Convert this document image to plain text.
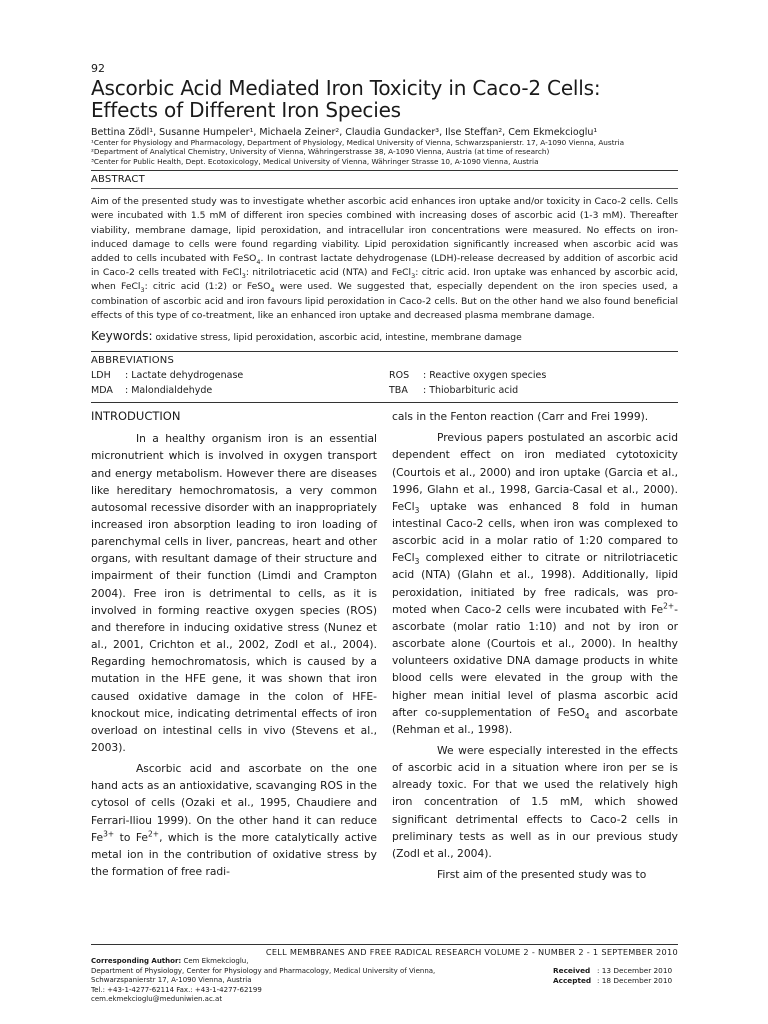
92
Ascorbic Acid Mediated Iron Toxicity in Caco-2 Cells:
Effects of Different Iron Species
Bettina Zödl¹, Susanne Humpeler¹, Michaela Zeiner², Claudia Gundacker³, Ilse Steffan², Cem Ekmekcioglu¹
¹Center for Physiology and Pharmacology, Department of Physiology, Medical University of Vienna, Schwarzspanierstr. 17, A-1090 Vienna, Austria
²Department of Analytical Chemistry, University of Vienna, Währingerstrasse 38, A-1090 Vienna, Austria (at time of research)
³Center for Public Health, Dept. Ecotoxicology, Medical University of Vienna, Währinger Strasse 10, A-1090 Vienna, Austria
ABSTRACT
Aim of the presented study was to investigate whether ascorbic acid enhances iron uptake and/or toxicity in Caco-2 cells. Cells were incubated with 1.5 mM of different iron species combined with increasing doses of ascorbic acid (1-3 mM). Thereafter viability, membrane damage, lipid peroxidation, and intracellular iron concentrations were measured. No effects on iron-induced damage to cells were found regarding viability. Lipid peroxidation significantly increased when ascorbic acid was added to cells incubated with FeSO$_4$. In contrast lactate dehydrogenase (LDH)-release decreased by addition of ascorbic acid in Caco-2 cells treated with FeCl$_3$: nitrilotriacetic acid (NTA) and FeCl$_3$: citric acid. Iron uptake was enhanced by ascorbic acid, when FeCl$_3$: citric acid (1:2) or FeSO$_4$ were used. We suggested that, especially dependent on the iron species used, a combination of ascorbic acid and iron favours lipid peroxidation in Caco-2 cells. But on the other hand we also found beneficial effects of this type of co-treatment, like an enhanced iron uptake and decreased plasma membrane damage.
Keywords: oxidative stress, lipid peroxidation, ascorbic acid, intestine, membrane damage
ABBREVIATIONS
LDH	: Lactate dehydrogenase	ROS	: Reactive oxygen species
MDA	: Malondialdehyde	TBA	: Thiobarbituric acid
INTRODUCTION

In a healthy organism iron is an essential micronutrient which is involved in oxygen transport and energy metabolism. However there are diseases like hereditary hemochromatosis, a very common autosomal recessive disorder with an inappropriately increased iron absorption leading to iron loading of parenchymal cells in liver, pancreas, heart and other organs, with resultant damage of their structure and impairment of their function (Limdi and Crampton 2004). Free iron is detrimental to cells, as it is involved in forming reactive oxygen species (ROS) and therefore in inducing oxidative stress (Nunez et al., 2001, Crichton et al., 2002, Zodl et al., 2004). Regarding hemochromatosis, which is caused by a mutation in the HFE gene, it was shown that iron caused oxidative damage in the colon of HFE-knockout mice, indicating detrimental effects of iron overload on intestinal cells in vivo (Stevens et al., 2003).

Ascorbic acid and ascorbate on the one hand acts as an antioxidative, scavanging ROS in the cytosol of cells (Ozaki et al., 1995, Chaudiere and Ferrari-Iliou 1999). On the other hand it can reduce $Fe^{3+}$ to $Fe^{2+}$, which is the more catalytically active metal ion in the contribution of oxidative stress by the formation of free radi-

cals in the Fenton reaction (Carr and Frei 1999).

Previous papers postulated an ascorbic acid dependent effect on iron mediated cytotoxicity (Courtois et al., 2000) and iron uptake (Garcia et al., 1996, Glahn et al., 1998, Garcia-Casal et al., 2000). FeCl$_3$ uptake was enhanced 8 fold in human intestinal Caco-2 cells, when iron was complexed to ascorbic acid in a molar ratio of 1:20 compared to FeCl$_3$ complexed either to citrate or nitrilotriacetic acid (NTA) (Glahn et al., 1998). Additionally, lipid peroxidation, initiated by free radicals, was promoted when Caco-2 cells were incubated with $Fe^{2+}$-ascorbate (molar ratio 1:10) and not by iron or ascorbate alone (Courtois et al., 2000). In healthy volunteers oxidative DNA damage products in white blood cells were elevated in the group with the higher mean initial level of plasma ascorbic acid after co-supplementation of FeSO$_4$ and ascorbate (Rehman et al., 1998).

We were especially interested in the effects of ascorbic acid in a situation where iron per se is already toxic. For that we used the relatively high iron concentration of 1.5 mM, which showed significant detrimental effects to Caco-2 cells in preliminary tests as well as in our previous study (Zodl et al., 2004).

First aim of the presented study was to

CELL MEMBRANES AND FREE RADICAL RESEARCH VOLUME 2 - NUMBER 2 - 1 SEPTEMBER 2010
Corresponding Author: Cem Ekmekcioglu,
Department of Physiology, Center for Physiology and Pharmacology, Medical University of Vienna,
Schwarzspanierstr 17, A-1090 Vienna, Austria
Tel.: +43-1-4277-62114 Fax.: +43-1-4277-62199
cem.ekmekcioglu@meduniwien.ac.at
Received : 13 December 2010
Accepted : 18 December 2010
